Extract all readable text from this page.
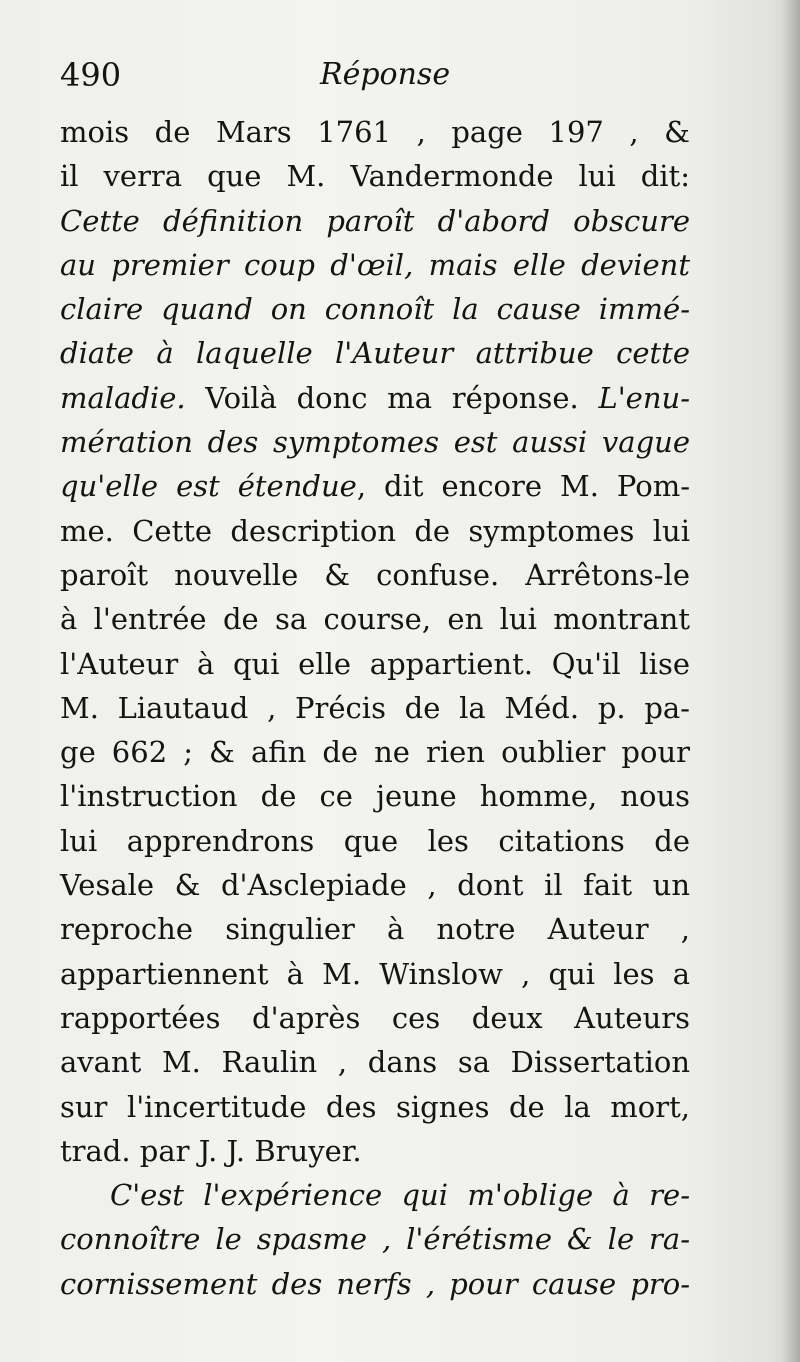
490	Réponse
mois de Mars 1761 , page 197 , &
il verra que M. Vandermonde lui dit:
Cette définition paroît d'abord obscure
au premier coup d'œil, mais elle devient
claire quand on connoît la cause immé-
diate à laquelle l'Auteur attribue cette
maladie. Voilà donc ma réponse. L'enu-
mération des symptomes est aussi vague
qu'elle est étendue, dit encore M. Pom-
me. Cette description de symptomes lui
paroît nouvelle & confuse. Arrêtons-le
à l'entrée de sa course, en lui montrant
l'Auteur à qui elle appartient. Qu'il lise
M. Liautaud , Précis de la Méd. p. pa-
ge 662 ; & afin de ne rien oublier pour
l'instruction de ce jeune homme, nous
lui apprendrons que les citations de
Vesale & d'Asclepiade , dont il fait un
reproche singulier à notre Auteur ,
appartiennent à M. Winslow , qui les a
rapportées d'après ces deux Auteurs
avant M. Raulin , dans sa Dissertation
sur l'incertitude des signes de la mort,
trad. par J. J. Bruyer.
C'est l'expérience qui m'oblige à re-
connoître le spasme , l'érétisme & le ra-
cornissement des nerfs , pour cause pro-
